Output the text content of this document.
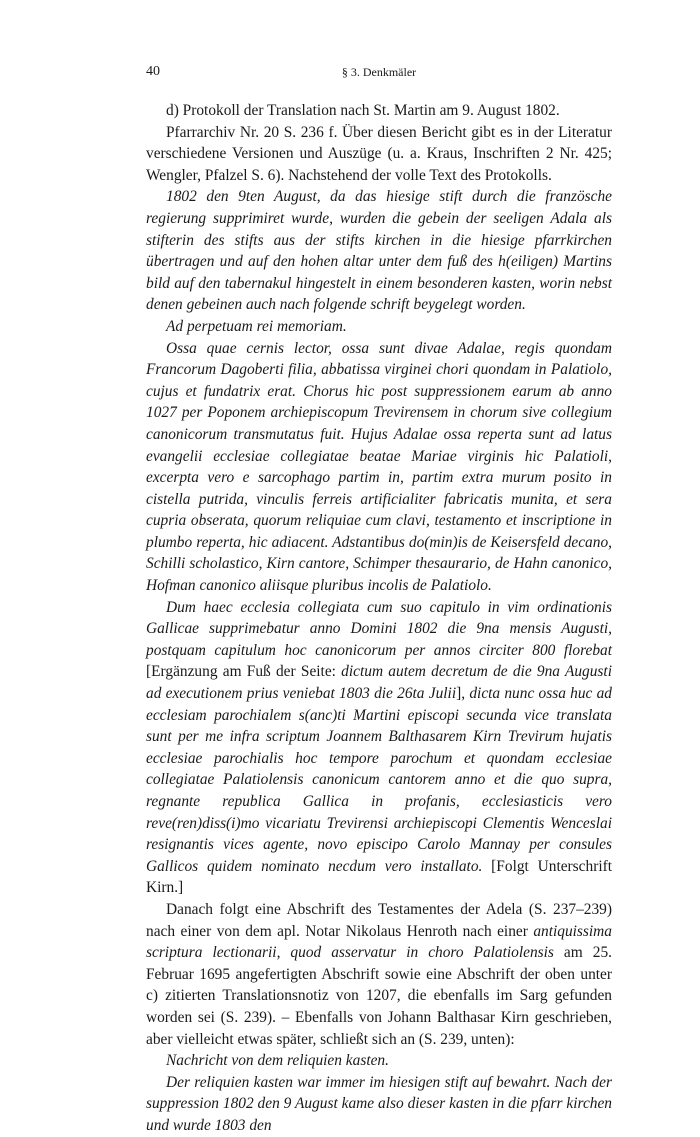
40	§ 3. Denkmäler

d) Protokoll der Translation nach St. Martin am 9. August 1802.

Pfarrarchiv Nr. 20 S. 236 f. Über diesen Bericht gibt es in der Literatur verschiedene Versionen und Auszüge (u. a. Kraus, Inschriften 2 Nr. 425; Wengler, Pfalzel S. 6). Nachstehend der volle Text des Protokolls.

1802 den 9ten August, da das hiesige stift durch die französche regierung supprimiret wurde, wurden die gebein der seeligen Adala als stifterin des stifts aus der stifts kirchen in die hiesige pfarrkirchen übertragen und auf den hohen altar unter dem fuß des h(eiligen) Martins bild auf den tabernakul hingestelt in einem besonderen kasten, worin nebst denen gebeinen auch nach folgende schrift beygelegt worden.

Ad perpetuam rei memoriam.

Ossa quae cernis lector, ossa sunt divae Adalae, regis quondam Francorum Dagoberti filia, abbatissa virginei chori quondam in Palatiolo, cujus et fundatrix erat. Chorus hic post suppressionem earum ab anno 1027 per Poponem archiepiscopum Trevirensem in chorum sive collegium canonicorum transmutatus fuit. Hujus Adalae ossa reperta sunt ad latus evangelii ecclesiae collegiatae beatae Mariae virginis hic Palatioli, excerpta vero e sarcophago partim in, partim extra murum posito in cistella putrida, vinculis ferreis artificialiter fabricatis munita, et sera cupria obserata, quorum reliquiae cum clavi, testamento et inscriptione in plumbo reperta, hic adiacent. Adstantibus do(min)is de Keisersfeld decano, Schilli scholastico, Kirn cantore, Schimper thesaurario, de Hahn canonico, Hofman canonico aliisque pluribus incolis de Palatiolo.

Dum haec ecclesia collegiata cum suo capitulo in vim ordinationis Gallicae supprimebatur anno Domini 1802 die 9na mensis Augusti, postquam capitulum hoc canonicorum per annos circiter 800 florebat [Ergänzung am Fuß der Seite: dictum autem decretum de die 9na Augusti ad executionem prius veniebat 1803 die 26ta Julii], dicta nunc ossa huc ad ecclesiam parochialem s(anc)ti Martini episcopi secunda vice translata sunt per me infra scriptum Joannem Balthasarem Kirn Trevirum hujatis ecclesiae parochialis hoc tempore parochum et quondam ecclesiae collegiatae Palatiolensis canonicum cantorem anno et die quo supra, regnante republica Gallica in profanis, ecclesiasticis vero reve(ren)diss(i)mo vicariatu Trevirensi archiepiscopi Clementis Wenceslai resignantis vices agente, novo episcipo Carolo Mannay per consules Gallicos quidem nominato necdum vero installato. [Folgt Unterschrift Kirn.]

Danach folgt eine Abschrift des Testamentes der Adela (S. 237–239) nach einer von dem apl. Notar Nikolaus Henroth nach einer antiquissima scriptura lectionarii, quod asservatur in choro Palatiolensis am 25. Februar 1695 angefertigten Abschrift sowie eine Abschrift der oben unter c) zitierten Translationsnotiz von 1207, die ebenfalls im Sarg gefunden worden sei (S. 239). – Ebenfalls von Johann Balthasar Kirn geschrieben, aber vielleicht etwas später, schließt sich an (S. 239, unten):

Nachricht von dem reliquien kasten.

Der reliquien kasten war immer im hiesigen stift auf bewahrt. Nach der suppression 1802 den 9 August kame also dieser kasten in die pfarr kirchen und wurde 1803 den
